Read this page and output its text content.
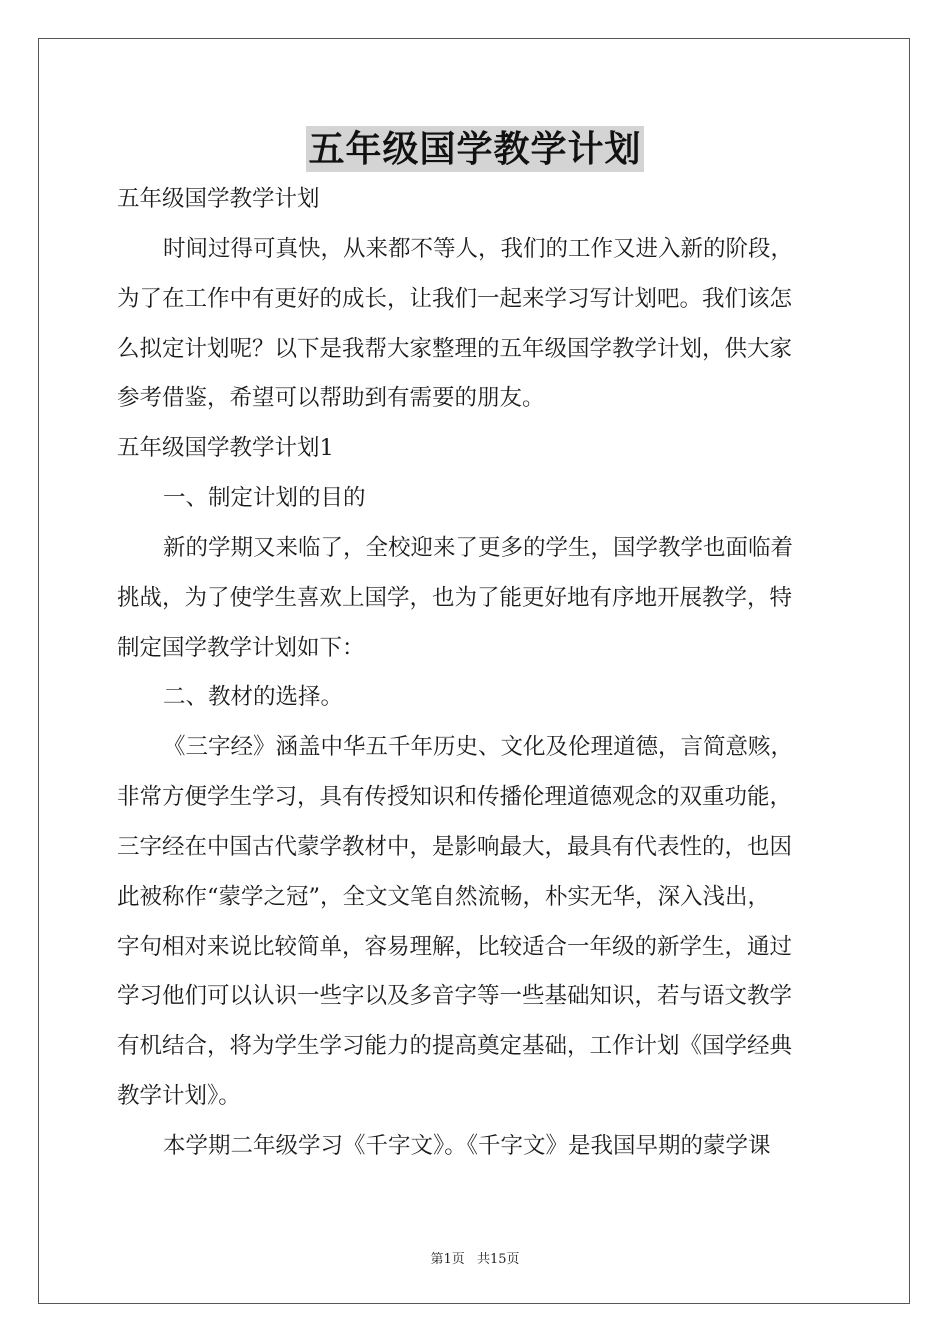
五年级国学教学计划
五年级国学教学计划
时间过得可真快，从来都不等人，我们的工作又进入新的阶段，
为了在工作中有更好的成长，让我们一起来学习写计划吧。我们该怎
么拟定计划呢？以下是我帮大家整理的五年级国学教学计划，供大家
参考借鉴，希望可以帮助到有需要的朋友。
五年级国学教学计划1
一、制定计划的目的
新的学期又来临了，全校迎来了更多的学生，国学教学也面临着
挑战，为了使学生喜欢上国学，也为了能更好地有序地开展教学，特
制定国学教学计划如下：
二、教材的选择。
《三字经》涵盖中华五千年历史、文化及伦理道德，言简意赅，
非常方便学生学习，具有传授知识和传播伦理道德观念的双重功能，
三字经在中国古代蒙学教材中，是影响最大，最具有代表性的，也因
此被称作“蒙学之冠”，全文文笔自然流畅，朴实无华，深入浅出，
字句相对来说比较简单，容易理解，比较适合一年级的新学生，通过
学习他们可以认识一些字以及多音字等一些基础知识，若与语文教学
有机结合，将为学生学习能力的提高奠定基础，工作计划《国学经典
教学计划》。
本学期二年级学习《千字文》。《千字文》是我国早期的蒙学课
第1页 共15页
